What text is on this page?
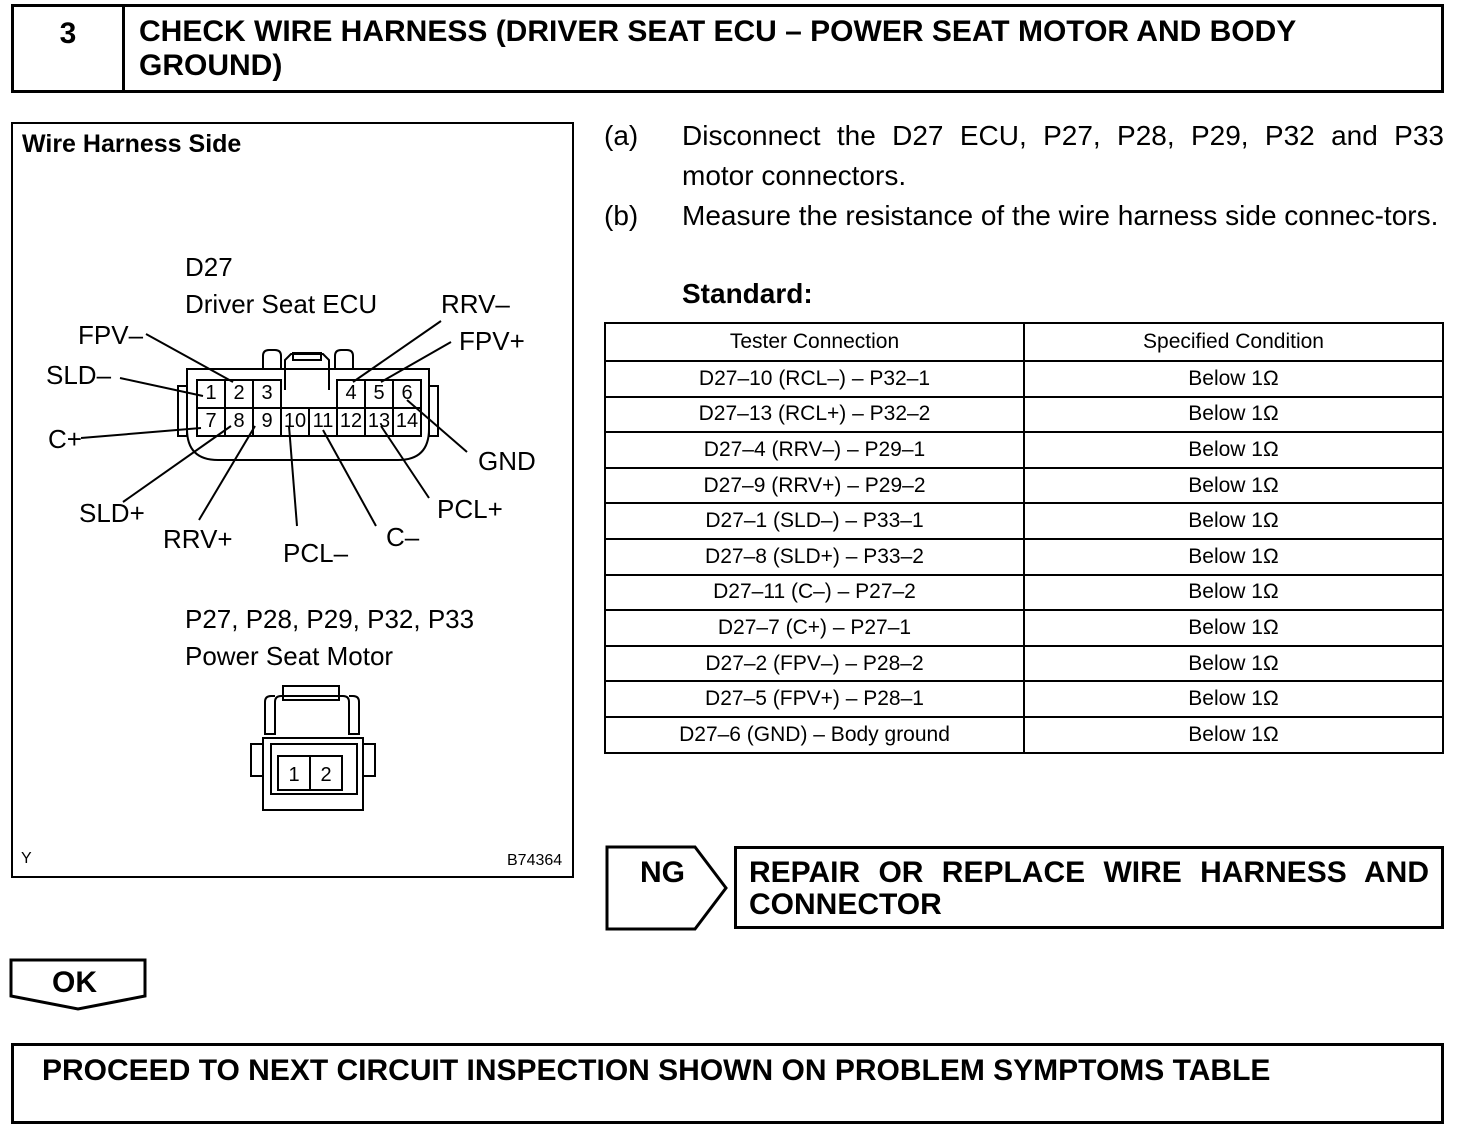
3	CHECK WIRE HARNESS (DRIVER SEAT ECU – POWER SEAT MOTOR AND BODY GROUND)
Wire Harness Side
D27
Driver Seat ECU
1 2 3	4 5 6
7 8 9 10 11 12 13 14
FPV–
SLD–
C+
SLD+
RRV+ PCL–
C–
PCL+
GND
FPV+
RRV–
P27, P28, P29, P32, P33
Power Seat Motor
1	2
Y	B74364
(a) Disconnect the D27 ECU, P27, P28, P29, P32 and P33 motor connectors.
(b) Measure the resistance of the wire harness side connec-tors.
Standard:
Tester Connection	Specified Condition
D27–10 (RCL–) – P32–1	Below 1Ω
D27–13 (RCL+) – P32–2	Below 1Ω
D27–4 (RRV–) – P29–1	Below 1Ω
D27–9 (RRV+) – P29–2	Below 1Ω
D27–1 (SLD–) – P33–1	Below 1Ω
D27–8 (SLD+) – P33–2	Below 1Ω
D27–11 (C–) – P27–2	Below 1Ω
D27–7 (C+) – P27–1	Below 1Ω
D27–2 (FPV–) – P28–2	Below 1Ω
D27–5 (FPV+) – P28–1	Below 1Ω
D27–6 (GND) – Body ground	Below 1Ω
NG	REPAIR OR REPLACE WIRE HARNESS AND CONNECTOR
OK
PROCEED TO NEXT CIRCUIT INSPECTION SHOWN ON PROBLEM SYMPTOMS TABLE
